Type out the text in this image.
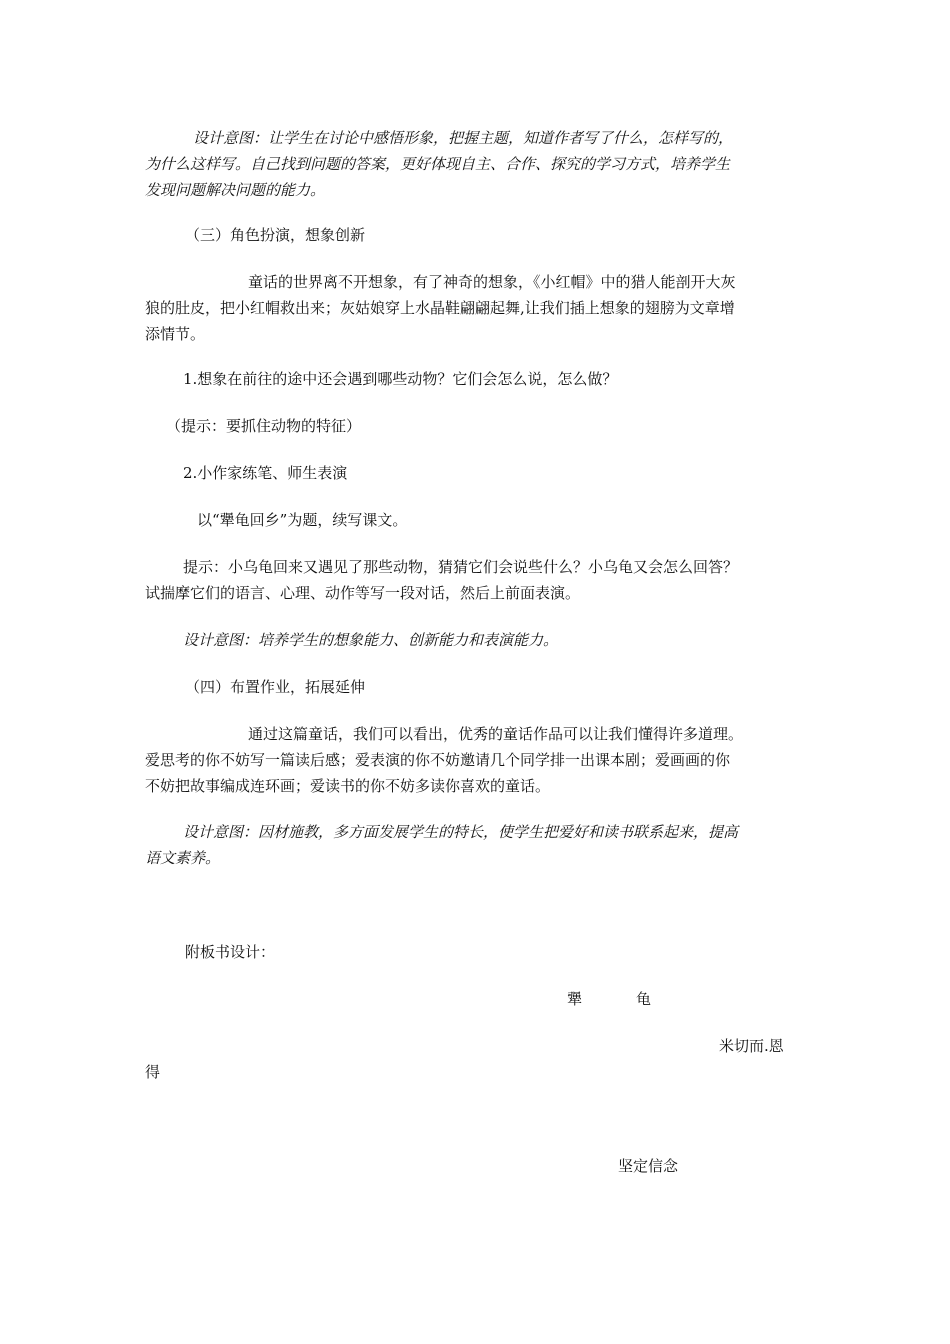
设计意图：让学生在讨论中感悟形象，把握主题，知道作者写了什么，怎样写的，
为什么这样写。自己找到问题的答案，更好体现自主、合作、探究的学习方式，培养学生
发现问题解决问题的能力。
（三）角色扮演，想象创新
童话的世界离不开想象，有了神奇的想象，《小红帽》中的猎人能剖开大灰
狼的肚皮，把小红帽救出来；灰姑娘穿上水晶鞋翩翩起舞,让我们插上想象的翅膀为文章增
添情节。
1.想象在前往的途中还会遇到哪些动物？它们会怎么说，怎么做？
（提示：要抓住动物的特征）
2.小作家练笔、师生表演
以“犟龟回乡”为题，续写课文。
提示：小乌龟回来又遇见了那些动物，猜猜它们会说些什么？小乌龟又会怎么回答？
试揣摩它们的语言、心理、动作等写一段对话，然后上前面表演。
设计意图：培养学生的想象能力、创新能力和表演能力。
（四）布置作业，拓展延伸
通过这篇童话，我们可以看出，优秀的童话作品可以让我们懂得许多道理。
爱思考的你不妨写一篇读后感；爱表演的你不妨邀请几个同学排一出课本剧；爱画画的你
不妨把故事编成连环画；爱读书的你不妨多读你喜欢的童话。
设计意图：因材施教，多方面发展学生的特长，使学生把爱好和读书联系起来，提高
语文素养。
附板书设计：
犟	龟
米切而.恩
得
坚定信念
